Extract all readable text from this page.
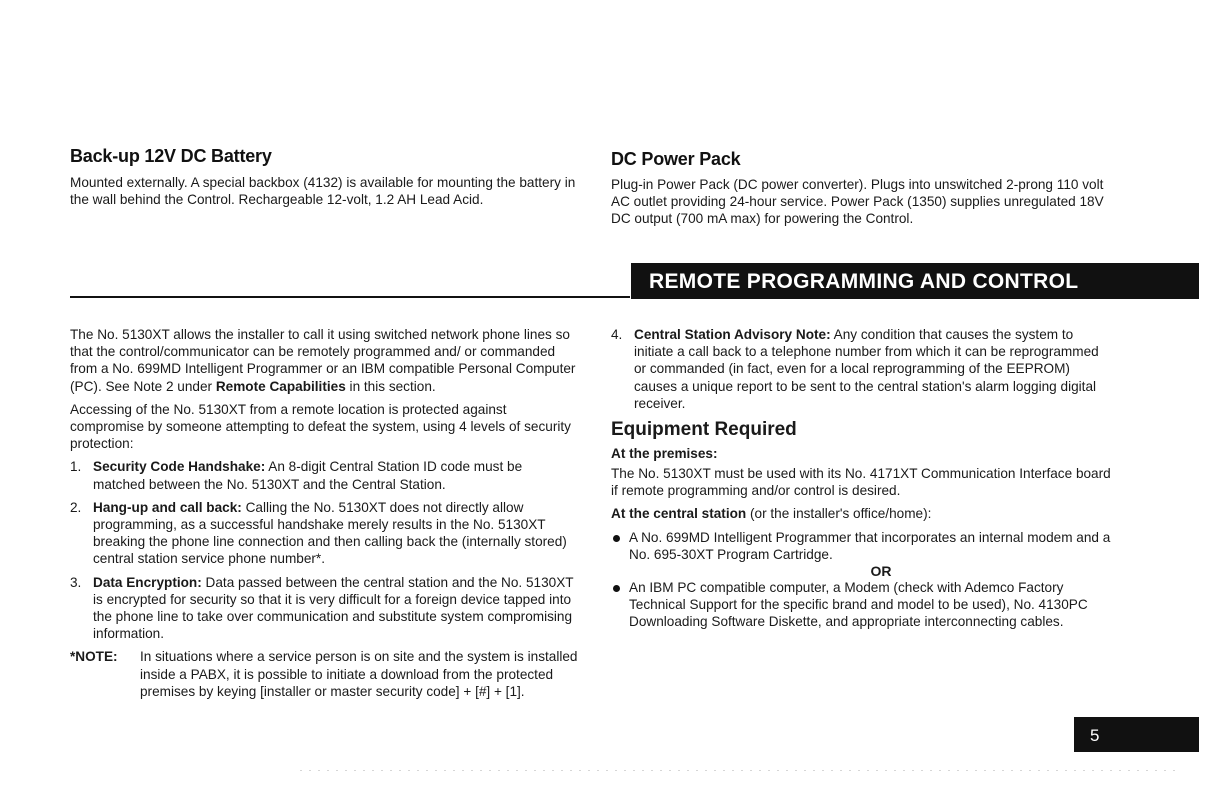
Back-up 12V DC Battery

Mounted externally. A special backbox (4132) is available for mounting the battery in the wall behind the Control. Rechargeable 12-volt, 1.2 AH Lead Acid.

DC Power Pack

Plug-in Power Pack (DC power converter). Plugs into unswitched 2-prong 110 volt AC outlet providing 24-hour service. Power Pack (1350) supplies unregulated 18V DC output (700 mA max) for powering the Control.

REMOTE PROGRAMMING AND CONTROL

The No. 5130XT allows the installer to call it using switched network phone lines so that the control/communicator can be remotely programmed and/ or commanded from a No. 699MD Intelligent Programmer or an IBM compatible Personal Computer (PC). See Note 2 under Remote Capabilities in this section.

Accessing of the No. 5130XT from a remote location is protected against compromise by someone attempting to defeat the system, using 4 levels of security protection:

1. Security Code Handshake: An 8-digit Central Station ID code must be matched between the No. 5130XT and the Central Station.

2. Hang-up and call back: Calling the No. 5130XT does not directly allow programming, as a successful handshake merely results in the No. 5130XT breaking the phone line connection and then calling back the (internally stored) central station service phone number*.

3. Data Encryption: Data passed between the central station and the No. 5130XT is encrypted for security so that it is very difficult for a foreign device tapped into the phone line to take over communication and substitute system compromising information.

*NOTE: In situations where a service person is on site and the system is installed inside a PABX, it is possible to initiate a download from the protected premises by keying [installer or master security code] + [#] + [1].

4. Central Station Advisory Note: Any condition that causes the system to initiate a call back to a telephone number from which it can be reprogrammed or commanded (in fact, even for a local reprogramming of the EEPROM) causes a unique report to be sent to the central station's alarm logging digital receiver.

Equipment Required

At the premises:

The No. 5130XT must be used with its No. 4171XT Communication Interface board if remote programming and/or control is desired.

At the central station (or the installer's office/home):

A No. 699MD Intelligent Programmer that incorporates an internal modem and a No. 695-30XT Program Cartridge.

OR

An IBM PC compatible computer, a Modem (check with Ademco Factory Technical Support for the specific brand and model to be used), No. 4130PC Downloading Software Diskette, and appropriate interconnecting cables.

5
